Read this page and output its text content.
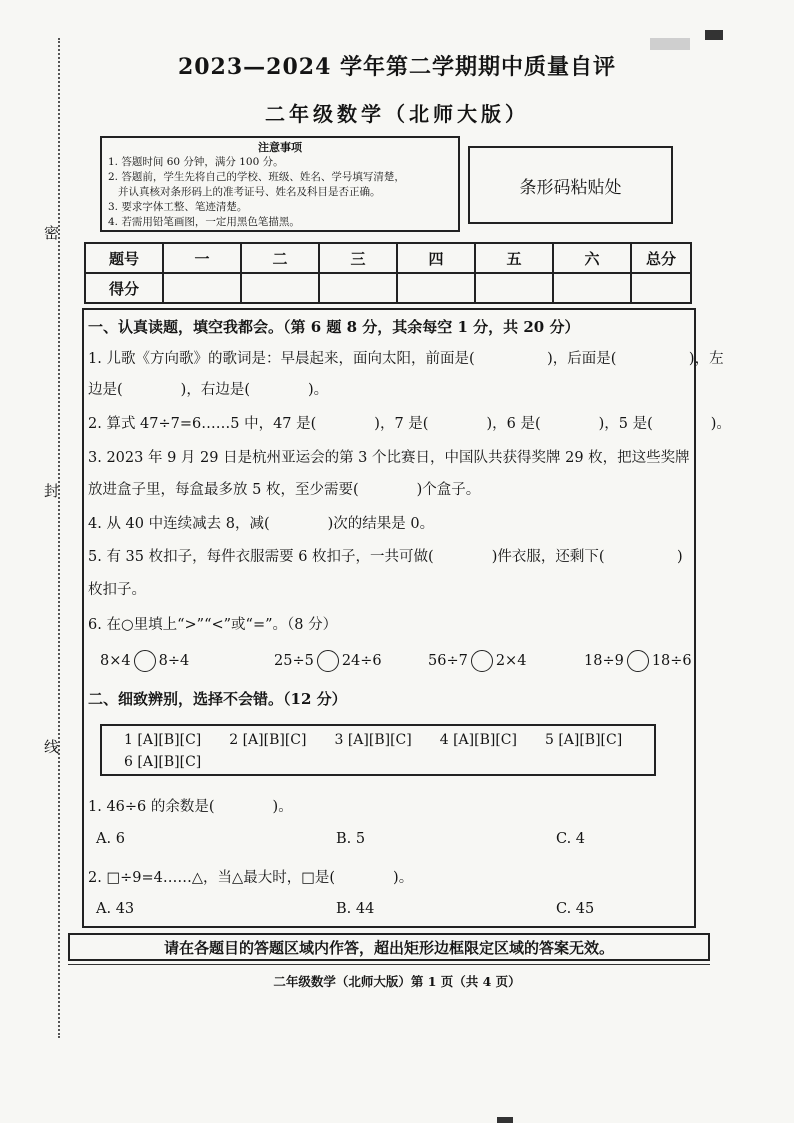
密
封
线
2023—2024 学年第二学期期中质量自评
二年级数学（北师大版）
注意事项
1. 答题时间 60 分钟，满分 100 分。
2. 答题前，学生先将自己的学校、班级、姓名、学号填写清楚，
并认真核对条形码上的准考证号、姓名及科目是否正确。
3. 要求字体工整、笔迹清楚。
4. 若需用铅笔画图，一定用黑色笔描黑。
条形码粘贴处
题号	一	二	三	四	五	六	总分
得分							
一、认真读题，填空我都会。（第 6 题 8 分，其余每空 1 分，共 20 分）
1. 儿歌《方向歌》的歌词是：早晨起来，面向太阳，前面是(　　　　　)，后面是(　　　　　)，左
边是(　　　　)，右边是(　　　　)。
2. 算式 47÷7=6……5 中，47 是(　　　　)，7 是(　　　　)，6 是(　　　　)，5 是(　　　　)。
3. 2023 年 9 月 29 日是杭州亚运会的第 3 个比赛日，中国队共获得奖牌 29 枚，把这些奖牌
放进盒子里，每盒最多放 5 枚，至少需要(　　　　)个盒子。
4. 从 40 中连续减去 8，减(　　　　)次的结果是 0。
5. 有 35 枚扣子，每件衣服需要 6 枚扣子，一共可做(　　　　)件衣服，还剩下(　　　　　)
枚扣子。
6. 在○里填上“>”“<”或“=”。（8 分）
8×4 8÷4	25÷5 24÷6	56÷7 2×4	18÷9 18÷6
二、细致辨别，选择不会错。（12 分）
1 [A][B][C]　　2 [A][B][C]　　3 [A][B][C]　　4 [A][B][C]　　5 [A][B][C]
6 [A][B][C]
1. 46÷6 的余数是(　　　　)。
A. 6	B. 5	C. 4
2. □÷9=4……△，当△最大时，□是(　　　　)。
A. 43	B. 44	C. 45
请在各题目的答题区域内作答，超出矩形边框限定区域的答案无效。
二年级数学（北师大版）第 1 页（共 4 页）
